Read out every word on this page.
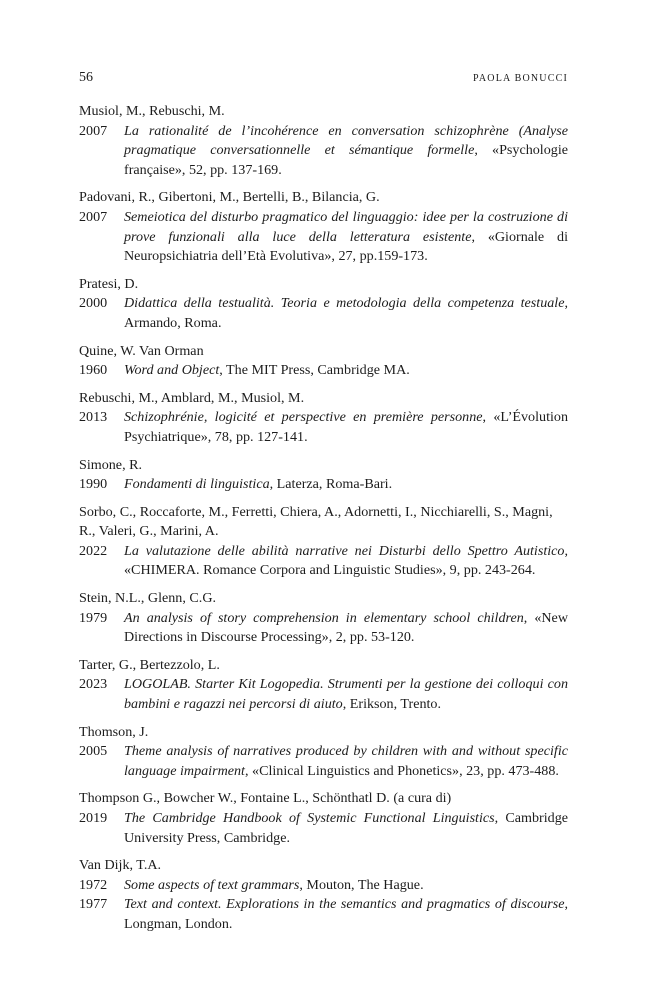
56	PAOLA BONUCCI
Musiol, M., Rebuschi, M.
2007 La rationalité de l’incohérence en conversation schizophrène (Analyse pragmatique conversationnelle et sémantique formelle, «Psychologie française», 52, pp. 137-169.
Padovani, R., Gibertoni, M., Bertelli, B., Bilancia, G.
2007 Semeiotica del disturbo pragmatico del linguaggio: idee per la costruzione di prove funzionali alla luce della letteratura esistente, «Giornale di Neuropsichiatria dell’Età Evolutiva», 27, pp.159-173.
Pratesi, D.
2000 Didattica della testualità. Teoria e metodologia della competenza testuale, Armando, Roma.
Quine, W. Van Orman
1960 Word and Object, The MIT Press, Cambridge MA.
Rebuschi, M., Amblard, M., Musiol, M.
2013 Schizophrénie, logicité et perspective en première personne, «L’Évolution Psychiatrique», 78, pp. 127-141.
Simone, R.
1990 Fondamenti di linguistica, Laterza, Roma-Bari.
Sorbo, C., Roccaforte, M., Ferretti, Chiera, A., Adornetti, I., Nicchiarelli, S., Magni, R., Valeri, G., Marini, A.
2022 La valutazione delle abilità narrative nei Disturbi dello Spettro Autistico, «CHIMERA. Romance Corpora and Linguistic Studies», 9, pp. 243-264.
Stein, N.L., Glenn, C.G.
1979 An analysis of story comprehension in elementary school children, «New Directions in Discourse Processing», 2, pp. 53-120.
Tarter, G., Bertezzolo, L.
2023 LOGOLAB. Starter Kit Logopedia. Strumenti per la gestione dei colloqui con bambini e ragazzi nei percorsi di aiuto, Erikson, Trento.
Thomson, J.
2005 Theme analysis of narratives produced by children with and without specific language impairment, «Clinical Linguistics and Phonetics», 23, pp. 473-488.
Thompson G., Bowcher W., Fontaine L., Schönthatl D. (a cura di)
2019 The Cambridge Handbook of Systemic Functional Linguistics, Cambridge University Press, Cambridge.
Van Dijk, T.A.
1972 Some aspects of text grammars, Mouton, The Hague.
1977 Text and context. Explorations in the semantics and pragmatics of discourse, Longman, London.
